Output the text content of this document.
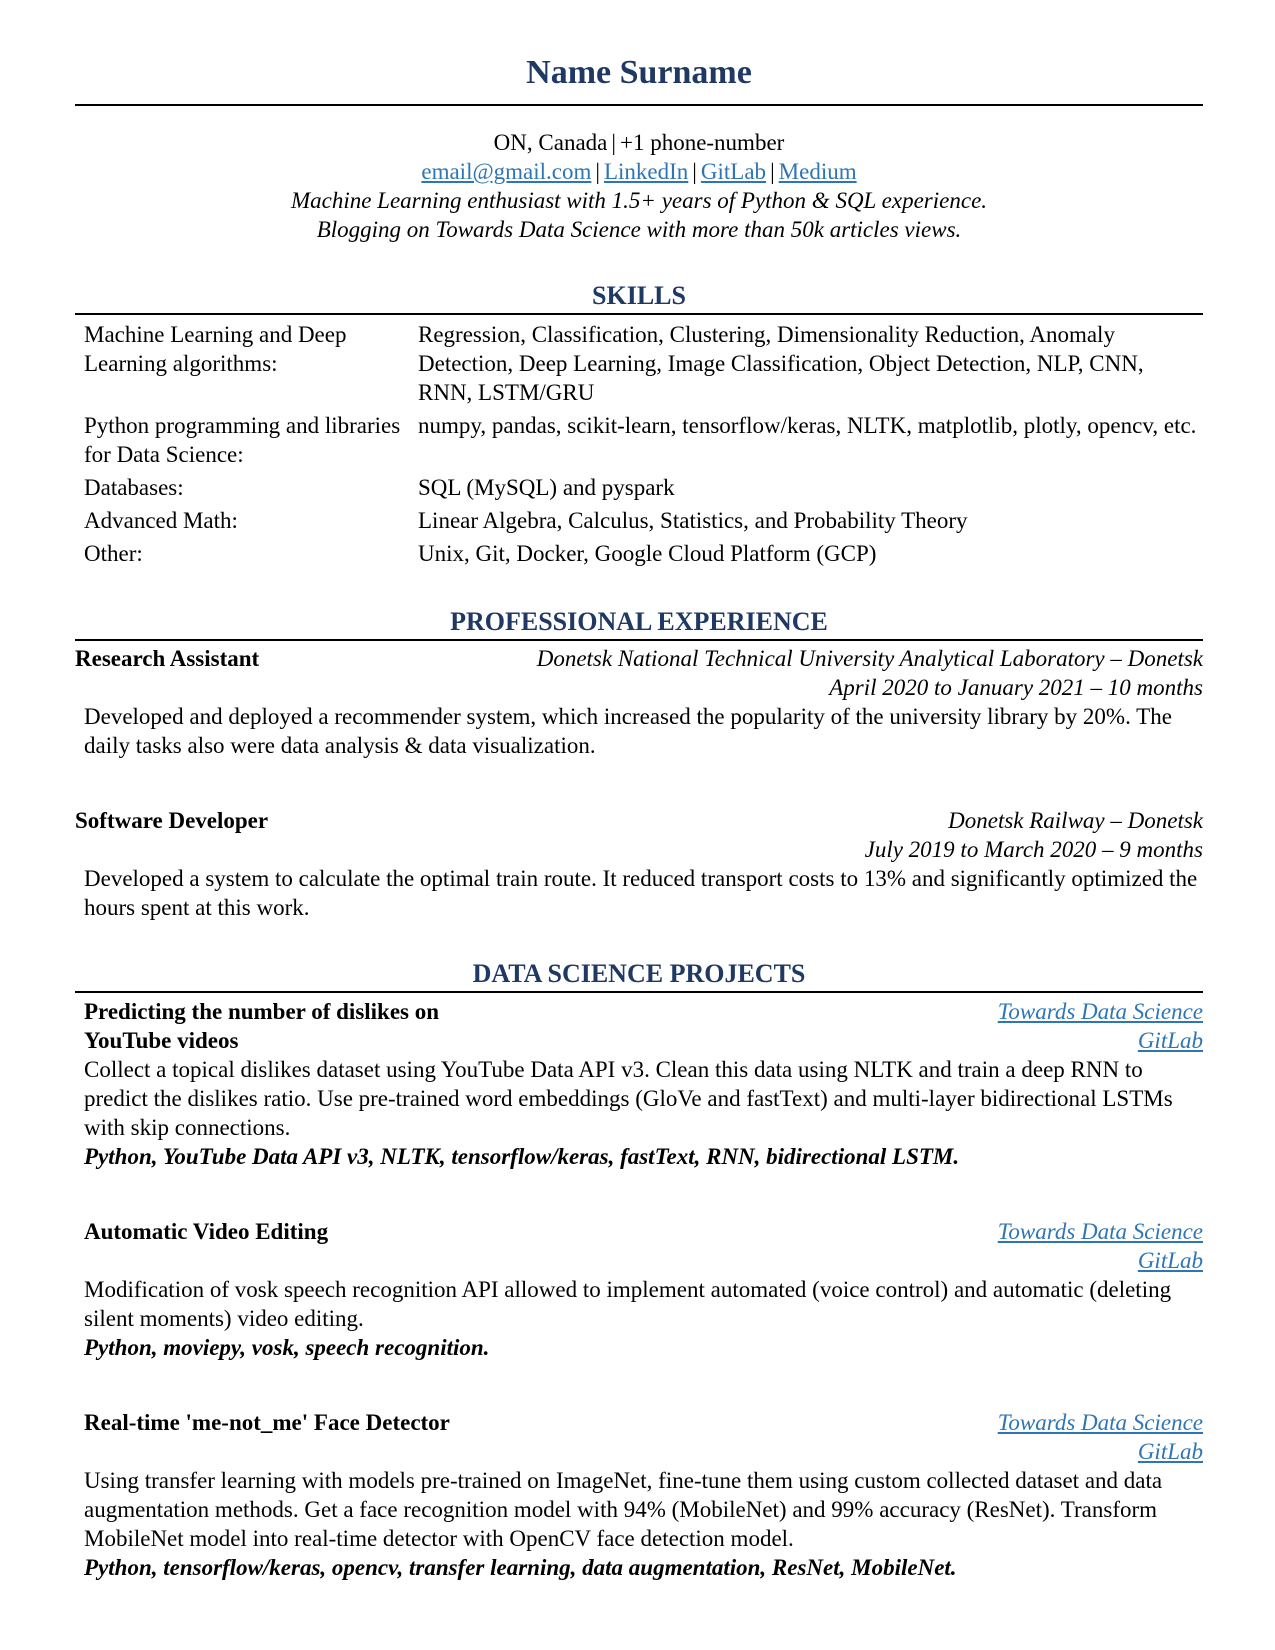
Name Surname
ON, Canada | +1 phone-number
email@gmail.com | LinkedIn | GitLab | Medium
Machine Learning enthusiast with 1.5+ years of Python & SQL experience.
Blogging on Towards Data Science with more than 50k articles views.
SKILLS
Machine Learning and Deep Learning algorithms:
Regression, Classification, Clustering, Dimensionality Reduction, Anomaly Detection, Deep Learning, Image Classification, Object Detection, NLP, CNN, RNN, LSTM/GRU
Python programming and libraries for Data Science:
numpy, pandas, scikit-learn, tensorflow/keras, NLTK, matplotlib, plotly, opencv, etc.
Databases:	SQL (MySQL) and pyspark
Advanced Math:	Linear Algebra, Calculus, Statistics, and Probability Theory
Other:	Unix, Git, Docker, Google Cloud Platform (GCP)
PROFESSIONAL EXPERIENCE
Research Assistant	Donetsk National Technical University Analytical Laboratory – Donetsk
April 2020 to January 2021 – 10 months

Developed and deployed a recommender system, which increased the popularity of the university library by 20%. The daily tasks also were data analysis & data visualization.

Software Developer	Donetsk Railway – Donetsk
July 2019 to March 2020 – 9 months

Developed a system to calculate the optimal train route. It reduced transport costs to 13% and significantly optimized the hours spent at this work.

DATA SCIENCE PROJECTS
Predicting the number of dislikes on YouTube videos
Towards Data Science
GitLab

Collect a topical dislikes dataset using YouTube Data API v3. Clean this data using NLTK and train a deep RNN to predict the dislikes ratio. Use pre-trained word embeddings (GloVe and fastText) and multi-layer bidirectional LSTMs with skip connections.

Python, YouTube Data API v3, NLTK, tensorflow/keras, fastText, RNN, bidirectional LSTM.

Automatic Video Editing	Towards Data Science
GitLab

Modification of vosk speech recognition API allowed to implement automated (voice control) and automatic (deleting silent moments) video editing.

Python, moviepy, vosk, speech recognition.

Real-time 'me-not_me' Face Detector	Towards Data Science
GitLab

Using transfer learning with models pre-trained on ImageNet, fine-tune them using custom collected dataset and data augmentation methods. Get a face recognition model with 94% (MobileNet) and 99% accuracy (ResNet). Transform MobileNet model into real-time detector with OpenCV face detection model.

Python, tensorflow/keras, opencv, transfer learning, data augmentation, ResNet, MobileNet.
